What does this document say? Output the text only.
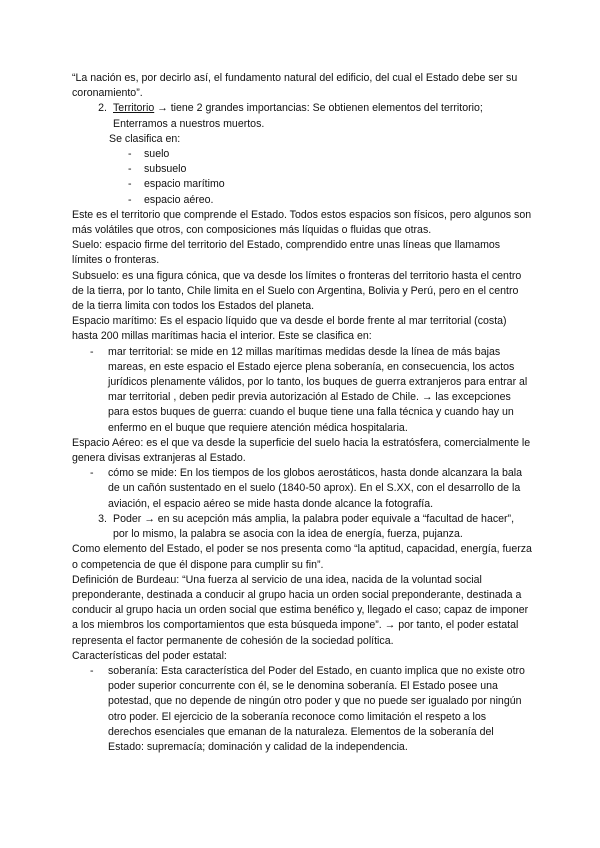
“La nación es, por decirlo así, el fundamento natural del edificio, del cual el Estado debe ser su coronamiento”.

2. Territorio → tiene 2 grandes importancias: Se obtienen elementos del territorio; Enterramos a nuestros muertos.

Se clasifica en:

-	suelo
-	subsuelo
-	espacio marítimo
-	espacio aéreo.

Este es el territorio que comprende el Estado. Todos estos espacios son físicos, pero algunos son más volátiles que otros, con composiciones más líquidas o fluidas que otras.

Suelo: espacio firme del territorio del Estado, comprendido entre unas líneas que llamamos límites o fronteras.

Subsuelo: es una figura cónica, que va desde los límites o fronteras del territorio hasta el centro de la tierra, por lo tanto, Chile limita en el Suelo con Argentina, Bolivia y Perú, pero en el centro de la tierra limita con todos los Estados del planeta.

Espacio marítimo: Es el espacio líquido que va desde el borde frente al mar territorial (costa) hasta 200 millas marítimas hacia el interior. Este se clasifica en:

-	mar territorial: se mide en 12 millas marítimas medidas desde la línea de más bajas mareas, en este espacio el Estado ejerce plena soberanía, en consecuencia, los actos jurídicos plenamente válidos, por lo tanto, los buques de guerra extranjeros para entrar al mar territorial , deben pedir previa autorización al Estado de Chile. → las excepciones para estos buques de guerra: cuando el buque tiene una falla técnica y cuando hay un enfermo en el buque que requiere atención médica hospitalaria.

Espacio Aéreo: es el que va desde la superficie del suelo hacia la estratósfera, comercialmente le genera divisas extranjeras al Estado.

-	cómo se mide: En los tiempos de los globos aerostáticos, hasta donde alcanzara la bala de un cañón sustentado en el suelo (1840-50 aprox). En el S.XX, con el desarrollo de la aviación, el espacio aéreo se mide hasta donde alcance la fotografía.
3. Poder → en su acepción más amplia, la palabra poder equivale a “facultad de hacer”, por lo mismo, la palabra se asocia con la idea de energía, fuerza, pujanza.

Como elemento del Estado, el poder se nos presenta como “la aptitud, capacidad, energía, fuerza o competencia de que él dispone para cumplir su fin”.

Definición de Burdeau: “Una fuerza al servicio de una idea, nacida de la voluntad social preponderante, destinada a conducir al grupo hacia un orden social preponderante, destinada a conducir al grupo hacia un orden social que estima benéfico y, llegado el caso; capaz de imponer a los miembros los comportamientos que esta búsqueda impone”. → por tanto, el poder estatal representa el factor permanente de cohesión de la sociedad política.

Características del poder estatal:

-	soberanía: Esta característica del Poder del Estado, en cuanto implica que no existe otro poder superior concurrente con él, se le denomina soberanía. El Estado posee una potestad, que no depende de ningún otro poder y que no puede ser igualado por ningún otro poder. El ejercicio de la soberanía reconoce como limitación el respeto a los derechos esenciales que emanan de la naturaleza. Elementos de la soberanía del Estado: supremacía; dominación y calidad de la independencia.
